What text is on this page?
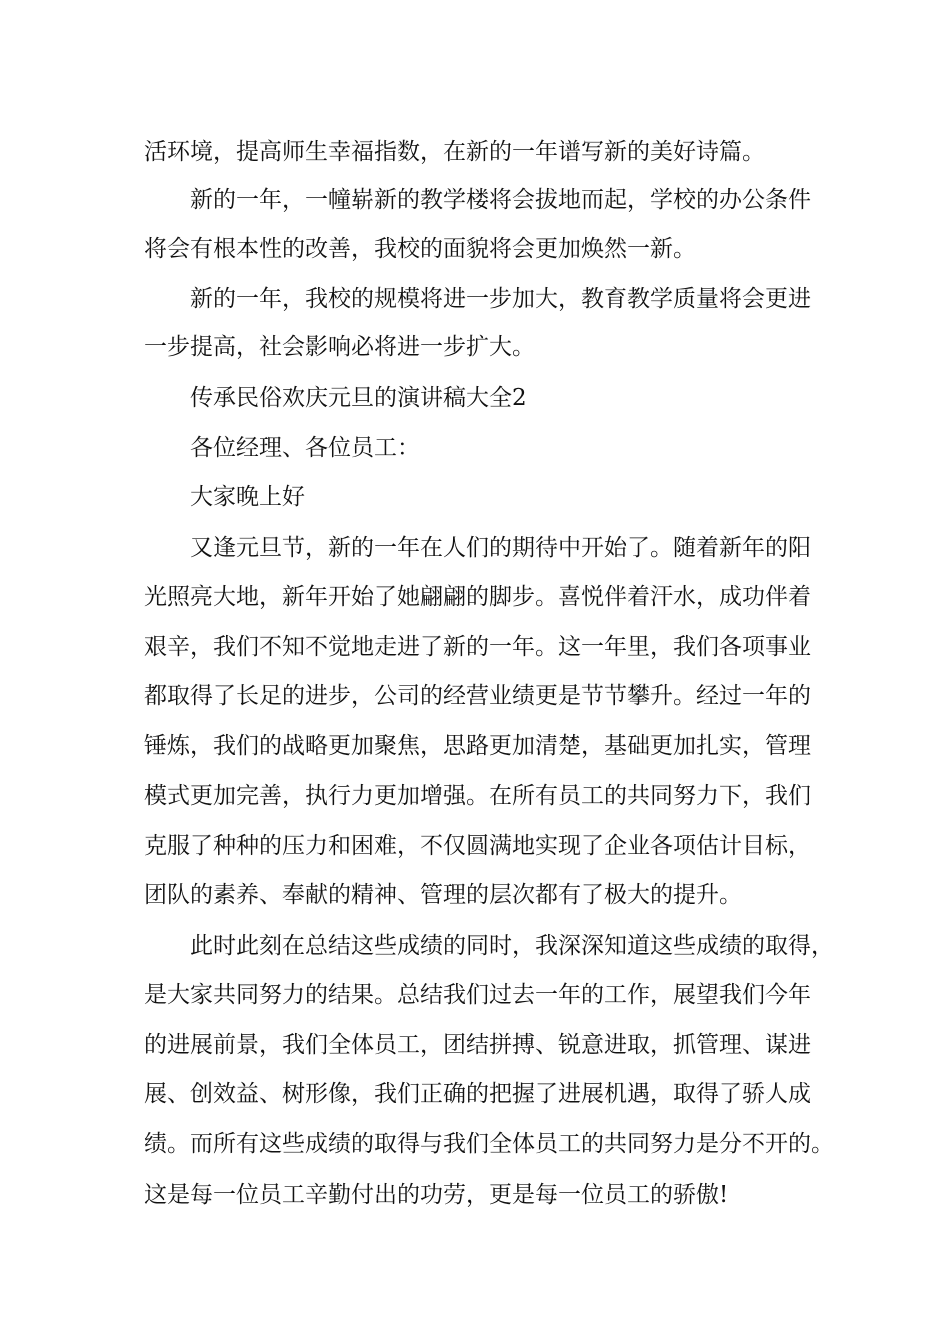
活环境，提高师生幸福指数，在新的一年谱写新的美好诗篇。

新的一年，一幢崭新的教学楼将会拔地而起，学校的办公条件

将会有根本性的改善，我校的面貌将会更加焕然一新。

新的一年，我校的规模将进一步加大，教育教学质量将会更进

一步提高，社会影响必将进一步扩大。

传承民俗欢庆元旦的演讲稿大全2

各位经理、各位员工：

大家晚上好

又逢元旦节，新的一年在人们的期待中开始了。随着新年的阳

光照亮大地，新年开始了她翩翩的脚步。喜悦伴着汗水，成功伴着

艰辛，我们不知不觉地走进了新的一年。这一年里，我们各项事业

都取得了长足的进步，公司的经营业绩更是节节攀升。经过一年的

锤炼，我们的战略更加聚焦，思路更加清楚，基础更加扎实，管理

模式更加完善，执行力更加增强。在所有员工的共同努力下，我们

克服了种种的压力和困难，不仅圆满地实现了企业各项估计目标，

团队的素养、奉献的精神、管理的层次都有了极大的提升。

此时此刻在总结这些成绩的同时，我深深知道这些成绩的取得，

是大家共同努力的结果。总结我们过去一年的工作，展望我们今年

的进展前景，我们全体员工，团结拼搏、锐意进取，抓管理、谋进

展、创效益、树形像，我们正确的把握了进展机遇，取得了骄人成

绩。而所有这些成绩的取得与我们全体员工的共同努力是分不开的。

这是每一位员工辛勤付出的功劳，更是每一位员工的骄傲!
